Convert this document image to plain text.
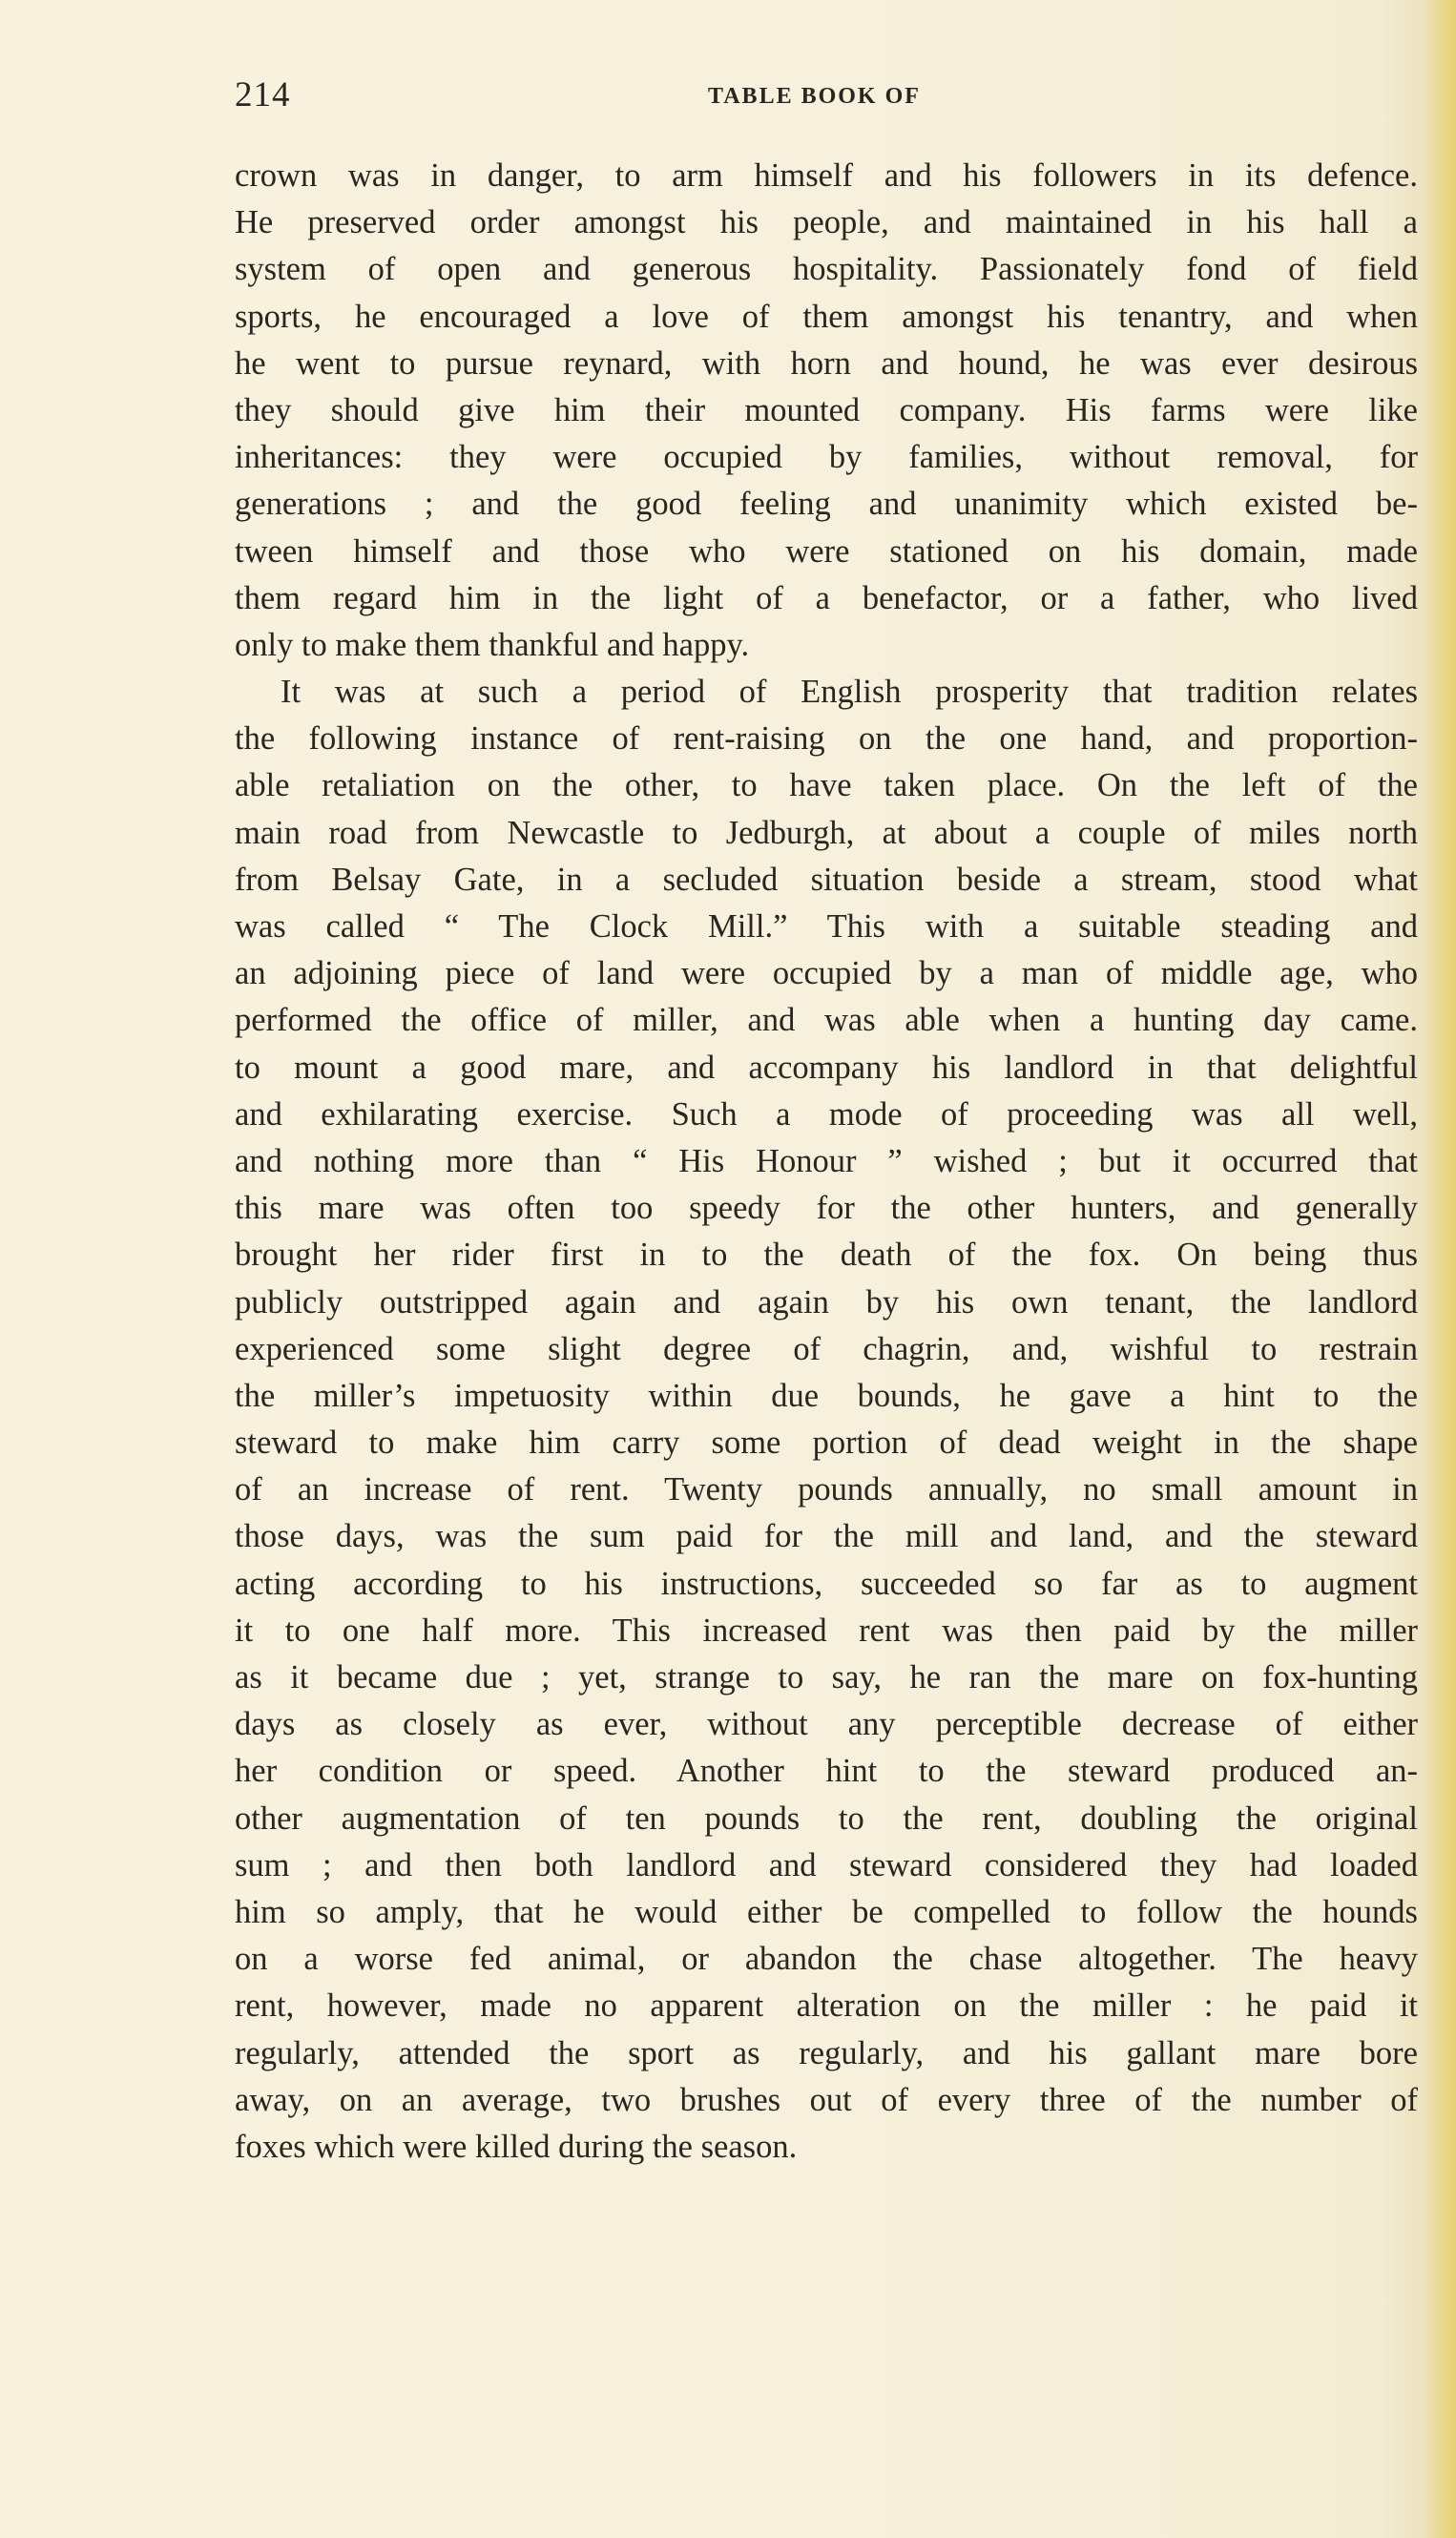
214	TABLE BOOK OF
crown was in danger, to arm himself and his followers in its defence.
He preserved order amongst his people, and maintained in his hall a
system of open and generous hospitality. Passionately fond of field
sports, he encouraged a love of them amongst his tenantry, and when
he went to pursue reynard, with horn and hound, he was ever desirous
they should give him their mounted company. His farms were like
inheritances: they were occupied by families, without removal, for
generations ; and the good feeling and unanimity which existed be-
tween himself and those who were stationed on his domain, made
them regard him in the light of a benefactor, or a father, who lived
only to make them thankful and happy.
It was at such a period of English prosperity that tradition relates
the following instance of rent-raising on the one hand, and proportion-
able retaliation on the other, to have taken place. On the left of the
main road from Newcastle to Jedburgh, at about a couple of miles north
from Belsay Gate, in a secluded situation beside a stream, stood what
was called “ The Clock Mill.” This with a suitable steading and
an adjoining piece of land were occupied by a man of middle age, who
performed the office of miller, and was able when a hunting day came.
to mount a good mare, and accompany his landlord in that delightful
and exhilarating exercise. Such a mode of proceeding was all well,
and nothing more than “ His Honour ” wished ; but it occurred that
this mare was often too speedy for the other hunters, and generally
brought her rider first in to the death of the fox. On being thus
publicly outstripped again and again by his own tenant, the landlord
experienced some slight degree of chagrin, and, wishful to restrain
the miller’s impetuosity within due bounds, he gave a hint to the
steward to make him carry some portion of dead weight in the shape
of an increase of rent. Twenty pounds annually, no small amount in
those days, was the sum paid for the mill and land, and the steward
acting according to his instructions, succeeded so far as to augment
it to one half more. This increased rent was then paid by the miller
as it became due ; yet, strange to say, he ran the mare on fox-hunting
days as closely as ever, without any perceptible decrease of either
her condition or speed. Another hint to the steward produced an-
other augmentation of ten pounds to the rent, doubling the original
sum ; and then both landlord and steward considered they had loaded
him so amply, that he would either be compelled to follow the hounds
on a worse fed animal, or abandon the chase altogether. The heavy
rent, however, made no apparent alteration on the miller : he paid it
regularly, attended the sport as regularly, and his gallant mare bore
away, on an average, two brushes out of every three of the number of
foxes which were killed during the season.
